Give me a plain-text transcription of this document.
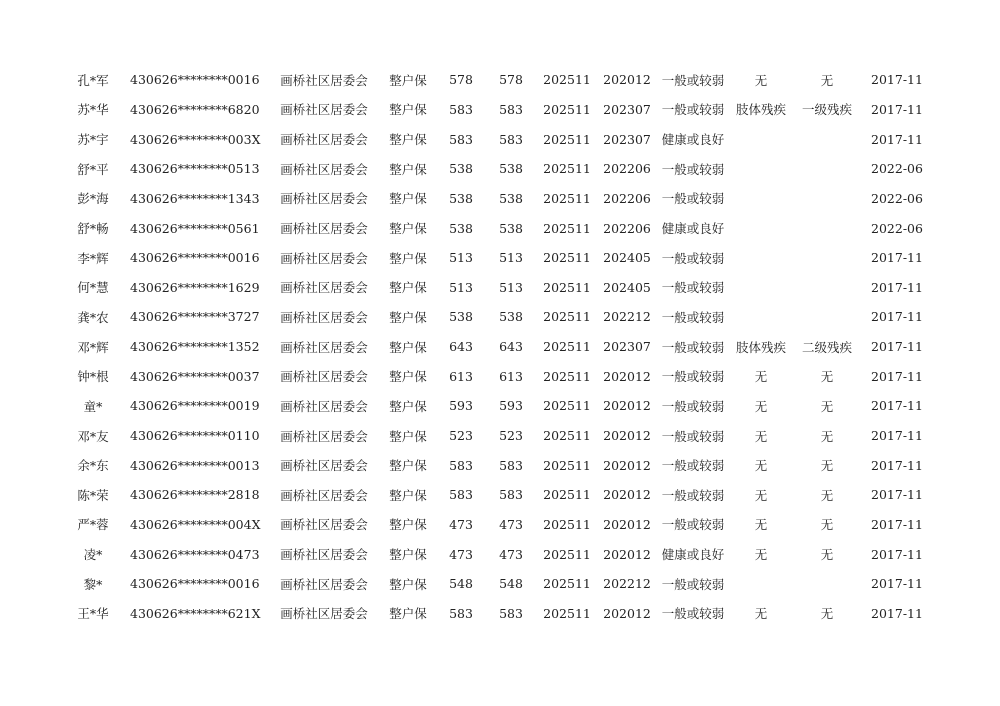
孔*军	430626********0016	画桥社区居委会	整户保	578	578	202511	202012	一般或较弱	无	无	2017-11
苏*华	430626********6820	画桥社区居委会	整户保	583	583	202511	202307	一般或较弱	肢体残疾	一级残疾	2017-11
苏*宇	430626********003X	画桥社区居委会	整户保	583	583	202511	202307	健康或良好			2017-11
舒*平	430626********0513	画桥社区居委会	整户保	538	538	202511	202206	一般或较弱			2022-06
彭*海	430626********1343	画桥社区居委会	整户保	538	538	202511	202206	一般或较弱			2022-06
舒*畅	430626********0561	画桥社区居委会	整户保	538	538	202511	202206	健康或良好			2022-06
李*辉	430626********0016	画桥社区居委会	整户保	513	513	202511	202405	一般或较弱			2017-11
何*慧	430626********1629	画桥社区居委会	整户保	513	513	202511	202405	一般或较弱			2017-11
龚*农	430626********3727	画桥社区居委会	整户保	538	538	202511	202212	一般或较弱			2017-11
邓*辉	430626********1352	画桥社区居委会	整户保	643	643	202511	202307	一般或较弱	肢体残疾	二级残疾	2017-11
钟*根	430626********0037	画桥社区居委会	整户保	613	613	202511	202012	一般或较弱	无	无	2017-11
童*	430626********0019	画桥社区居委会	整户保	593	593	202511	202012	一般或较弱	无	无	2017-11
邓*友	430626********0110	画桥社区居委会	整户保	523	523	202511	202012	一般或较弱	无	无	2017-11
余*东	430626********0013	画桥社区居委会	整户保	583	583	202511	202012	一般或较弱	无	无	2017-11
陈*荣	430626********2818	画桥社区居委会	整户保	583	583	202511	202012	一般或较弱	无	无	2017-11
严*蓉	430626********004X	画桥社区居委会	整户保	473	473	202511	202012	一般或较弱	无	无	2017-11
凌*	430626********0473	画桥社区居委会	整户保	473	473	202511	202012	健康或良好	无	无	2017-11
黎*	430626********0016	画桥社区居委会	整户保	548	548	202511	202212	一般或较弱			2017-11
王*华	430626********621X	画桥社区居委会	整户保	583	583	202511	202012	一般或较弱	无	无	2017-11
